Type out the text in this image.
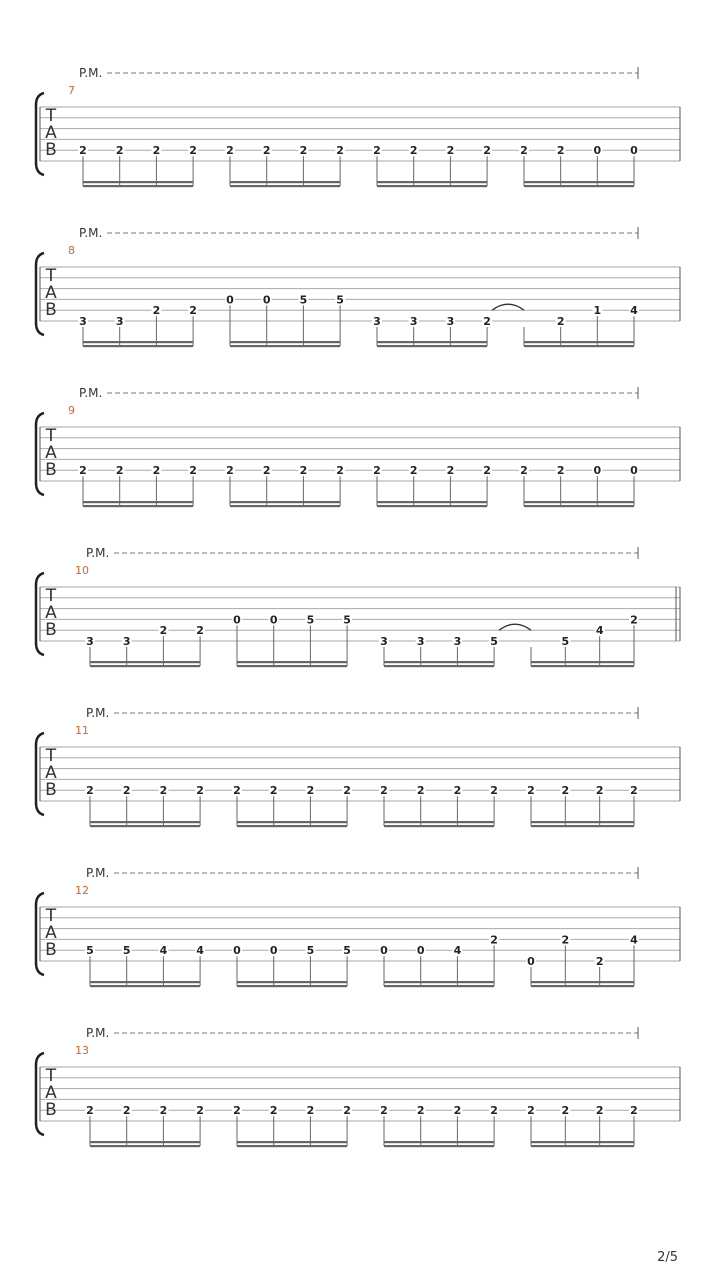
P.M.
7
T
A
B 2	2	2	2	2	2	2	2	2	2	2	2	2	2	0	0
P.M.
8
T
A
B
3	3
2	2
0	0	5	5
3	3	3	2	2
1	4
P.M.
9
T
A
B 2	2	2	2	2	2	2	2	2	2	2	2	2	2	0	0
P.M.
10
T
A
B
3	3
2	2
0	0	5	5
3	3	3	5	5
4
2
P.M.
11
T
A
B	2	2	2	2	2	2	2	2	2	2	2	2	2 2 2 2
P.M.
12
T
A
B	5	5	4	4	0	0	5	5	0	0	4
2
0
2
2
4
P.M.
13
T
A
B	2	2	2	2	2	2	2	2	2	2	2	2	2 2 2 2
2/5
